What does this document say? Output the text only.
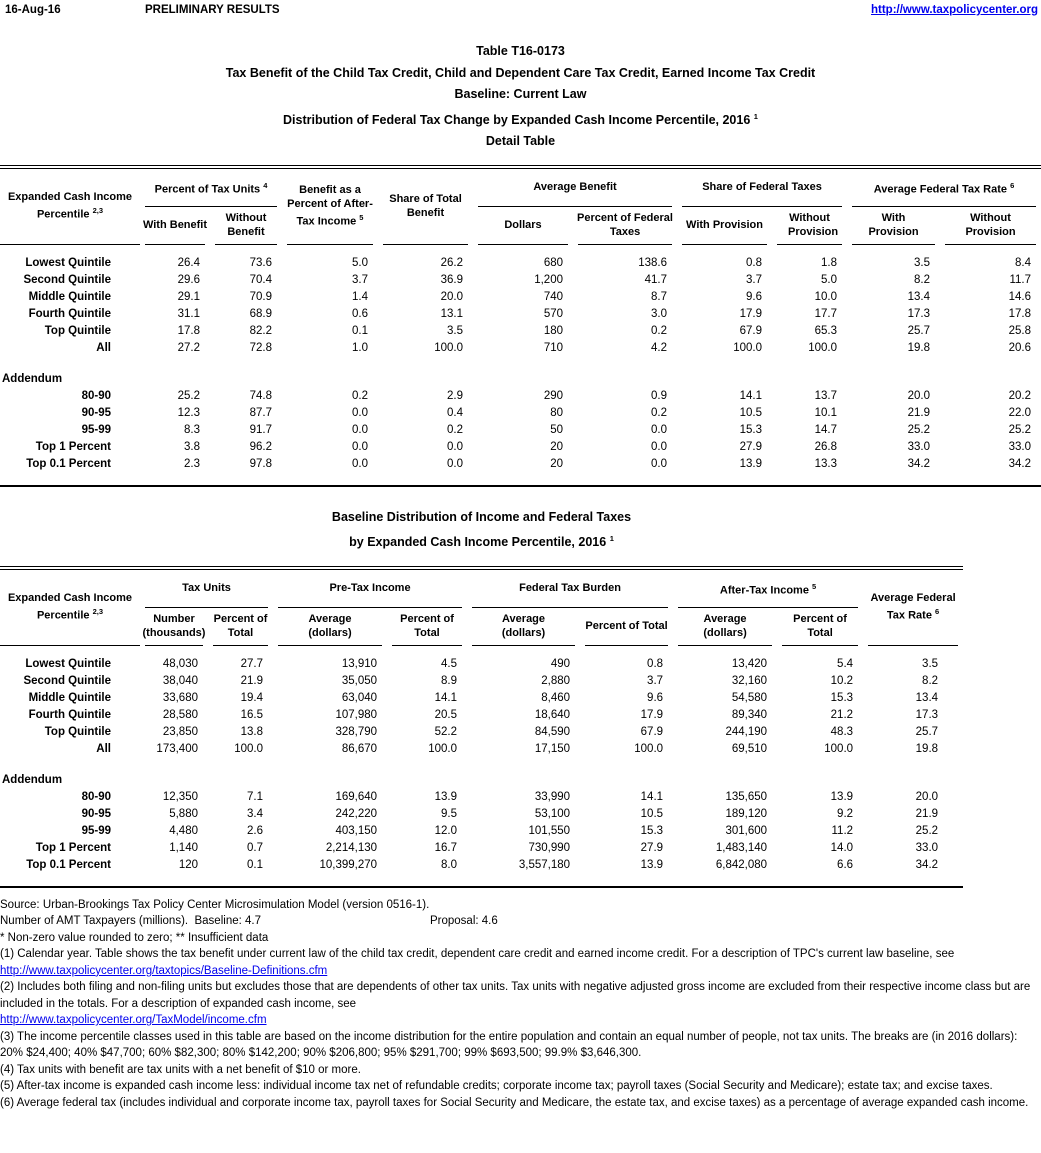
16-Aug-16	PRELIMINARY RESULTS	http://www.taxpolicycenter.org
Table T16-0173
Tax Benefit of the Child Tax Credit, Child and Dependent Care Tax Credit, Earned Income Tax Credit
Baseline: Current Law
Distribution of Federal Tax Change by Expanded Cash Income Percentile, 2016 $^1$
Detail Table
Expanded Cash Income Percentile $^{2,3}$	Percent of Tax Units $^4$		Benefit as a Percent of After-Tax Income $^5$	Share of Total Benefit	Average Benefit		Share of Federal Taxes		Average Federal Tax Rate $^6$
	With Benefit	Without Benefit			Dollars	Percent of Federal Taxes	With Provision	Without Provision	With Provision	Without Provision

Lowest Quintile	26.4	73.6	5.0	26.2	680	138.6	0.8	1.8	3.5	8.4
Second Quintile	29.6	70.4	3.7	36.9	1,200	41.7	3.7	5.0	8.2	11.7
Middle Quintile	29.1	70.9	1.4	20.0	740	8.7	9.6	10.0	13.4	14.6
Fourth Quintile	31.1	68.9	0.6	13.1	570	3.0	17.9	17.7	17.3	17.8
Top Quintile	17.8	82.2	0.1	3.5	180	0.2	67.9	65.3	25.7	25.8
All	27.2	72.8	1.0	100.0	710	4.2	100.0	100.0	19.8	20.6

Addendum										
80-90	25.2	74.8	0.2	2.9	290	0.9	14.1	13.7	20.0	20.2
90-95	12.3	87.7	0.0	0.4	80	0.2	10.5	10.1	21.9	22.0
95-99	8.3	91.7	0.0	0.2	50	0.0	15.3	14.7	25.2	25.2
Top 1 Percent	3.8	96.2	0.0	0.0	20	0.0	27.9	26.8	33.0	33.0
Top 0.1 Percent	2.3	97.8	0.0	0.0	20	0.0	13.9	13.3	34.2	34.2

Baseline Distribution of Income and Federal Taxes
by Expanded Cash Income Percentile, 2016 $^1$
Expanded Cash Income Percentile $^{2,3}$	Tax Units		Pre-Tax Income		Federal Tax Burden		After-Tax Income $^5$		Average Federal Tax Rate $^6$
	Number (thousands)	Percent of Total	Average (dollars)	Percent of Total	Average (dollars)	Percent of Total	Average (dollars)	Percent of Total	

Lowest Quintile	48,030	27.7	13,910	4.5	490	0.8	13,420	5.4	3.5
Second Quintile	38,040	21.9	35,050	8.9	2,880	3.7	32,160	10.2	8.2
Middle Quintile	33,680	19.4	63,040	14.1	8,460	9.6	54,580	15.3	13.4
Fourth Quintile	28,580	16.5	107,980	20.5	18,640	17.9	89,340	21.2	17.3
Top Quintile	23,850	13.8	328,790	52.2	84,590	67.9	244,190	48.3	25.7
All	173,400	100.0	86,670	100.0	17,150	100.0	69,510	100.0	19.8

Addendum									
80-90	12,350	7.1	169,640	13.9	33,990	14.1	135,650	13.9	20.0
90-95	5,880	3.4	242,220	9.5	53,100	10.5	189,120	9.2	21.9
95-99	4,480	2.6	403,150	12.0	101,550	15.3	301,600	11.2	25.2
Top 1 Percent	1,140	0.7	2,214,130	16.7	730,990	27.9	1,483,140	14.0	33.0
Top 0.1 Percent	120	0.1	10,399,270	8.0	3,557,180	13.9	6,842,080	6.6	34.2

Source: Urban-Brookings Tax Policy Center Microsimulation Model (version 0516-1).
Number of AMT Taxpayers (millions).  Baseline: 4.7	Proposal: 4.6
* Non-zero value rounded to zero; ** Insufficient data
(1) Calendar year. Table shows the tax benefit under current law of the child tax credit, dependent care credit and earned income credit. For a description of TPC's current law baseline, see
http://www.taxpolicycenter.org/taxtopics/Baseline-Definitions.cfm
(2) Includes both filing and non-filing units but excludes those that are dependents of other tax units. Tax units with negative adjusted gross income are excluded from their respective income class but are included in the totals. For a description of expanded cash income, see
http://www.taxpolicycenter.org/TaxModel/income.cfm
(3) The income percentile classes used in this table are based on the income distribution for the entire population and contain an equal number of people, not tax units. The breaks are (in 2016 dollars): 20% $24,400; 40% $47,700; 60% $82,300; 80% $142,200; 90% $206,800; 95% $291,700; 99% $693,500; 99.9% $3,646,300.
(4) Tax units with benefit are tax units with a net benefit of $10 or more.
(5) After-tax income is expanded cash income less: individual income tax net of refundable credits; corporate income tax; payroll taxes (Social Security and Medicare); estate tax; and excise taxes.
(6) Average federal tax (includes individual and corporate income tax, payroll taxes for Social Security and Medicare, the estate tax, and excise taxes) as a percentage of average expanded cash income.
